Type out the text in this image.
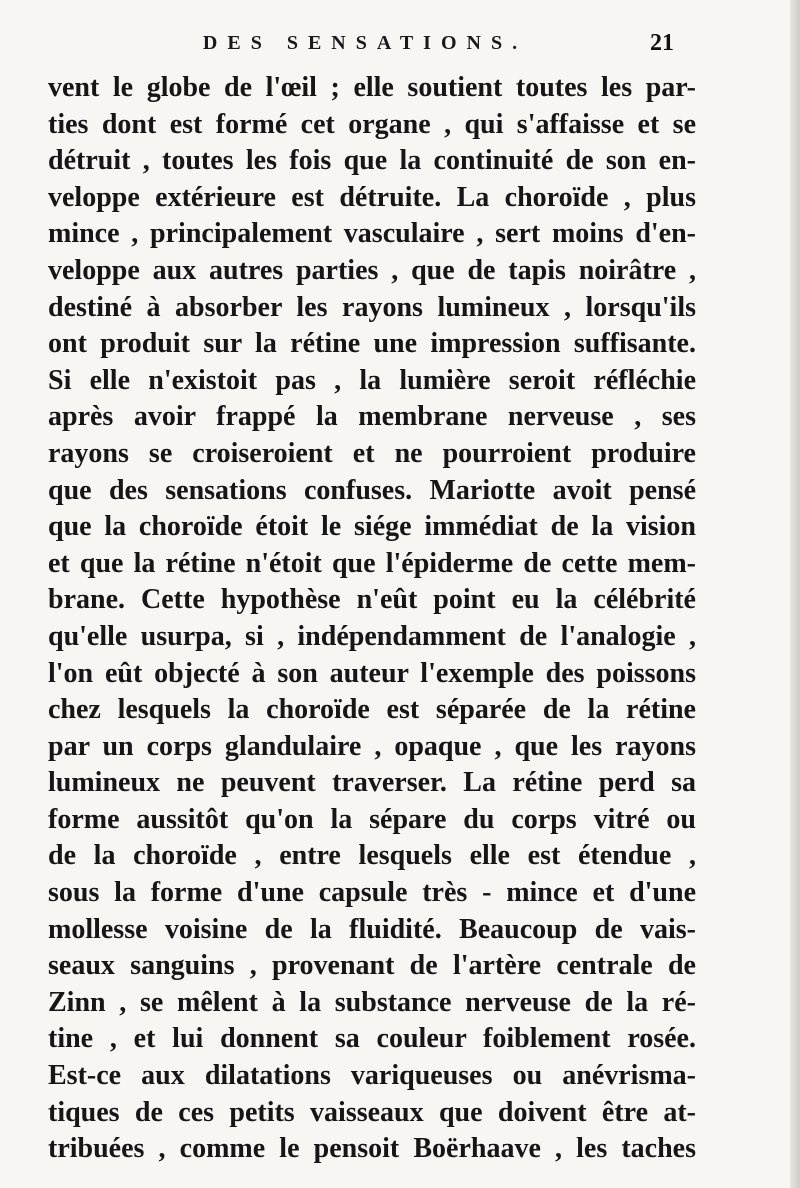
DES SENSATIONS.	21
vent le globe de l'œil ; elle soutient toutes les par-
ties dont est formé cet organe , qui s'affaisse et se
détruit , toutes les fois que la continuité de son en-
veloppe extérieure est détruite. La choroïde , plus
mince , principalement vasculaire , sert moins d'en-
veloppe aux autres parties , que de tapis noirâtre ,
destiné à absorber les rayons lumineux , lorsqu'ils
ont produit sur la rétine une impression suffisante.
Si elle n'existoit pas , la lumière seroit réfléchie
après avoir frappé la membrane nerveuse , ses
rayons se croiseroient et ne pourroient produire
que des sensations confuses. Mariotte avoit pensé
que la choroïde étoit le siége immédiat de la vision
et que la rétine n'étoit que l'épiderme de cette mem-
brane. Cette hypothèse n'eût point eu la célébrité
qu'elle usurpa, si , indépendamment de l'analogie ,
l'on eût objecté à son auteur l'exemple des poissons
chez lesquels la choroïde est séparée de la rétine
par un corps glandulaire , opaque , que les rayons
lumineux ne peuvent traverser. La rétine perd sa
forme aussitôt qu'on la sépare du corps vitré ou
de la choroïde , entre lesquels elle est étendue ,
sous la forme d'une capsule très - mince et d'une
mollesse voisine de la fluidité. Beaucoup de vais-
seaux sanguins , provenant de l'artère centrale de
Zinn , se mêlent à la substance nerveuse de la ré-
tine , et lui donnent sa couleur foiblement rosée.
Est-ce aux dilatations variqueuses ou anévrisma-
tiques de ces petits vaisseaux que doivent être at-
tribuées , comme le pensoit Boërhaave , les taches
